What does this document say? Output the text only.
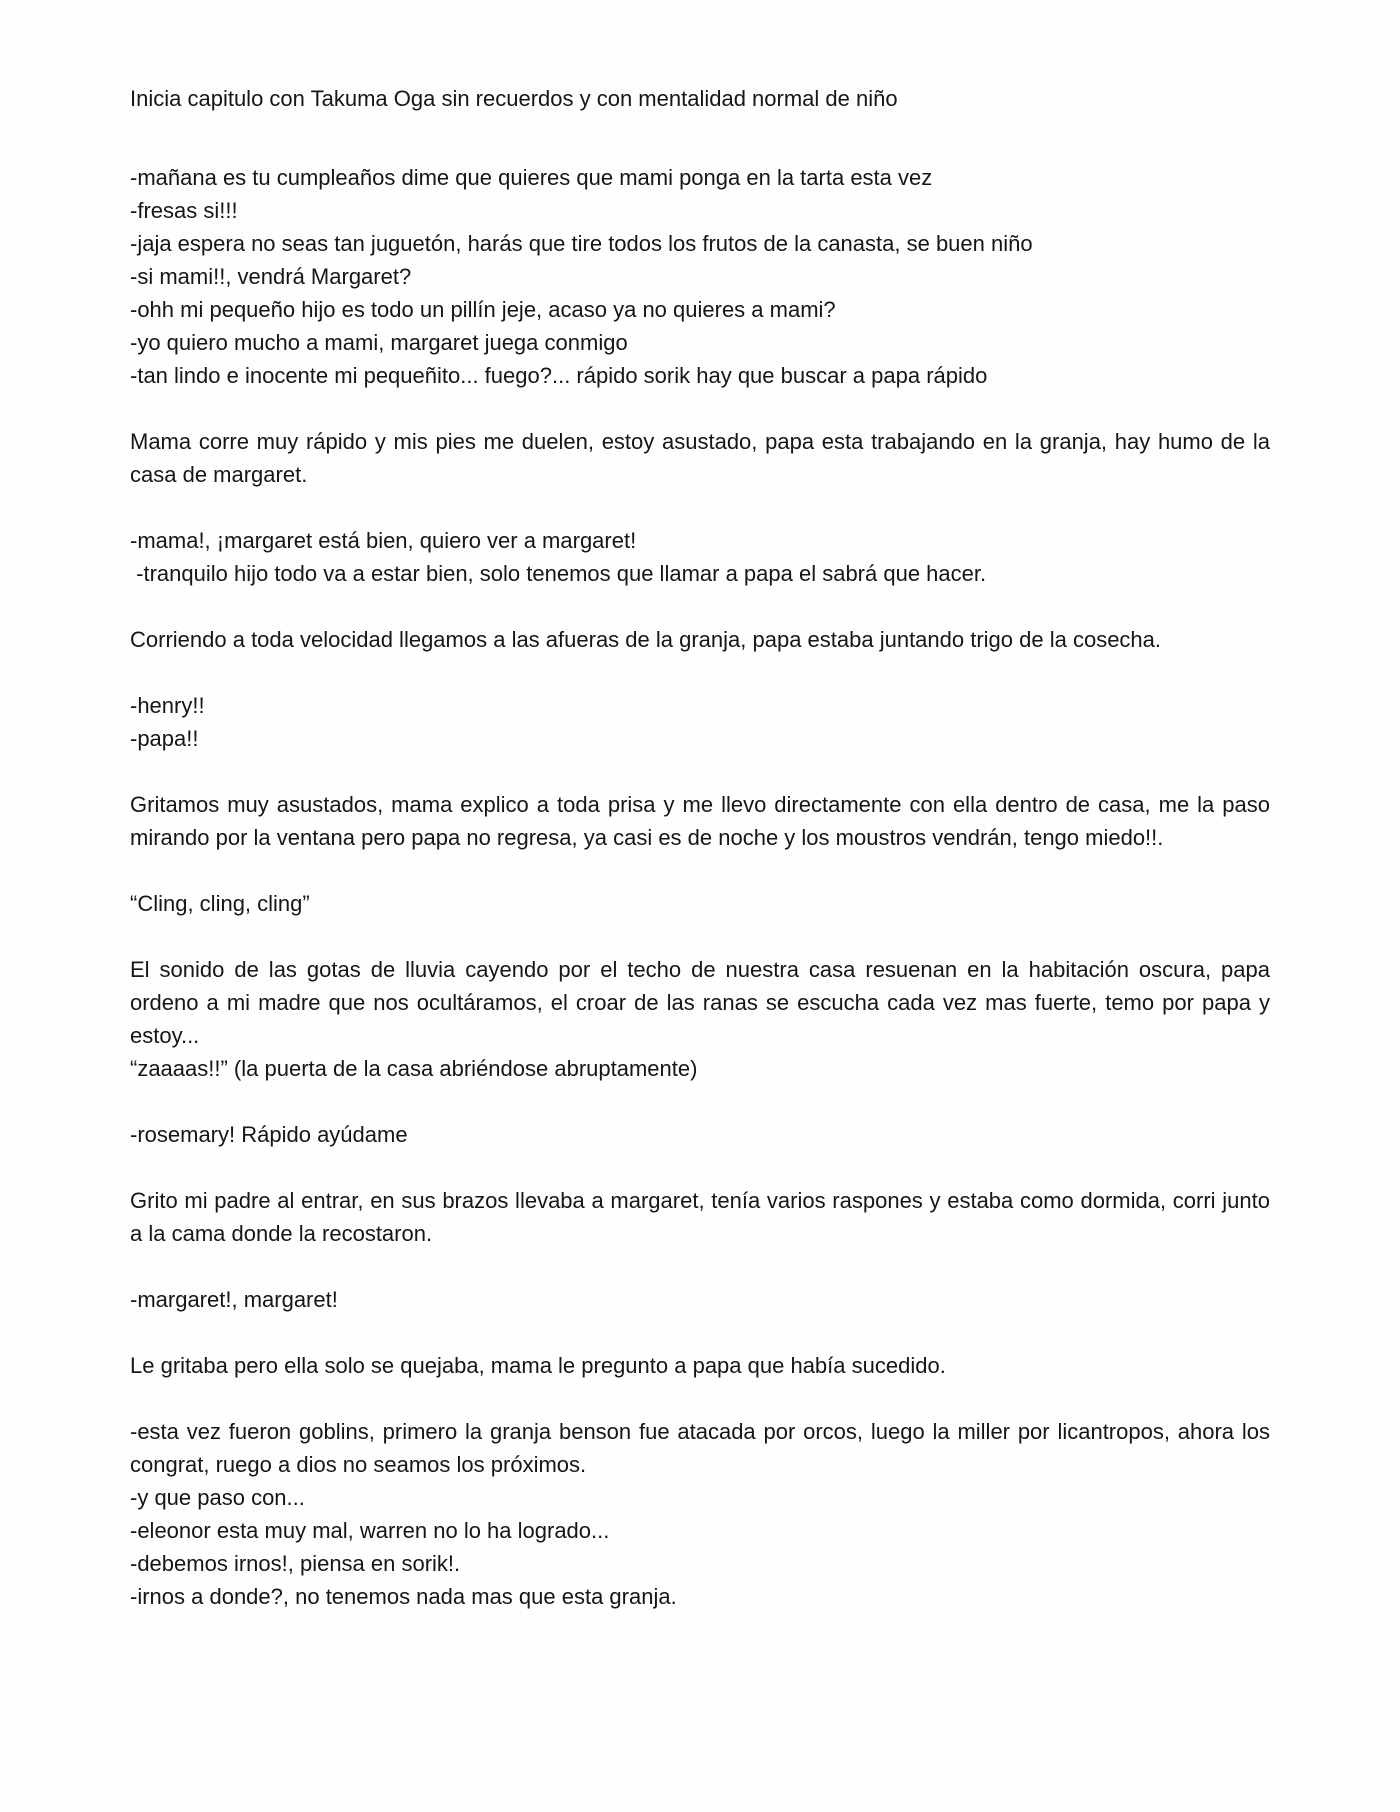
Inicia capitulo con Takuma Oga sin recuerdos y con mentalidad normal de niño
-mañana es tu cumpleaños dime que quieres que mami ponga en la tarta esta vez
-fresas si!!!
-jaja espera no seas tan juguetón, harás que tire todos los frutos de la canasta, se buen niño
-si mami!!, vendrá Margaret?
-ohh mi pequeño hijo es todo un pillín jeje, acaso ya no quieres a mami?
-yo quiero mucho a mami, margaret juega conmigo
-tan lindo e inocente mi pequeñito... fuego?... rápido sorik hay que buscar a papa rápido
Mama corre muy rápido y mis pies me duelen, estoy asustado, papa esta trabajando en la granja, hay humo de la casa de margaret.
-mama!, ¡margaret está bien, quiero ver a margaret!
-tranquilo hijo todo va a estar bien, solo tenemos que llamar a papa el sabrá que hacer.
Corriendo a toda velocidad llegamos a las afueras de la granja, papa estaba juntando trigo de la cosecha.
-henry!!
-papa!!
Gritamos muy asustados, mama explico a toda prisa y me llevo directamente con ella dentro de casa, me la paso mirando por la ventana pero papa no regresa, ya casi es de noche y los moustros vendrán, tengo miedo!!.
“Cling, cling, cling”
El sonido de las gotas de lluvia cayendo por el techo de nuestra casa resuenan en la habitación oscura, papa ordeno a mi madre que nos ocultáramos, el croar de las ranas se escucha cada vez mas fuerte, temo por papa y estoy...
“zaaaas!!” (la puerta de la casa abriéndose abruptamente)
-rosemary! Rápido ayúdame
Grito mi padre al entrar, en sus brazos llevaba a margaret, tenía varios raspones y estaba como dormida, corri junto a la cama donde la recostaron.
-margaret!, margaret!
Le gritaba pero ella solo se quejaba, mama le pregunto a papa que había sucedido.
-esta vez fueron goblins, primero la granja benson fue atacada por orcos, luego la miller por licantropos, ahora los congrat, ruego a dios no seamos los próximos.
-y que paso con...
-eleonor esta muy mal, warren no lo ha logrado...
-debemos irnos!, piensa en sorik!.
-irnos a donde?, no tenemos nada mas que esta granja.
